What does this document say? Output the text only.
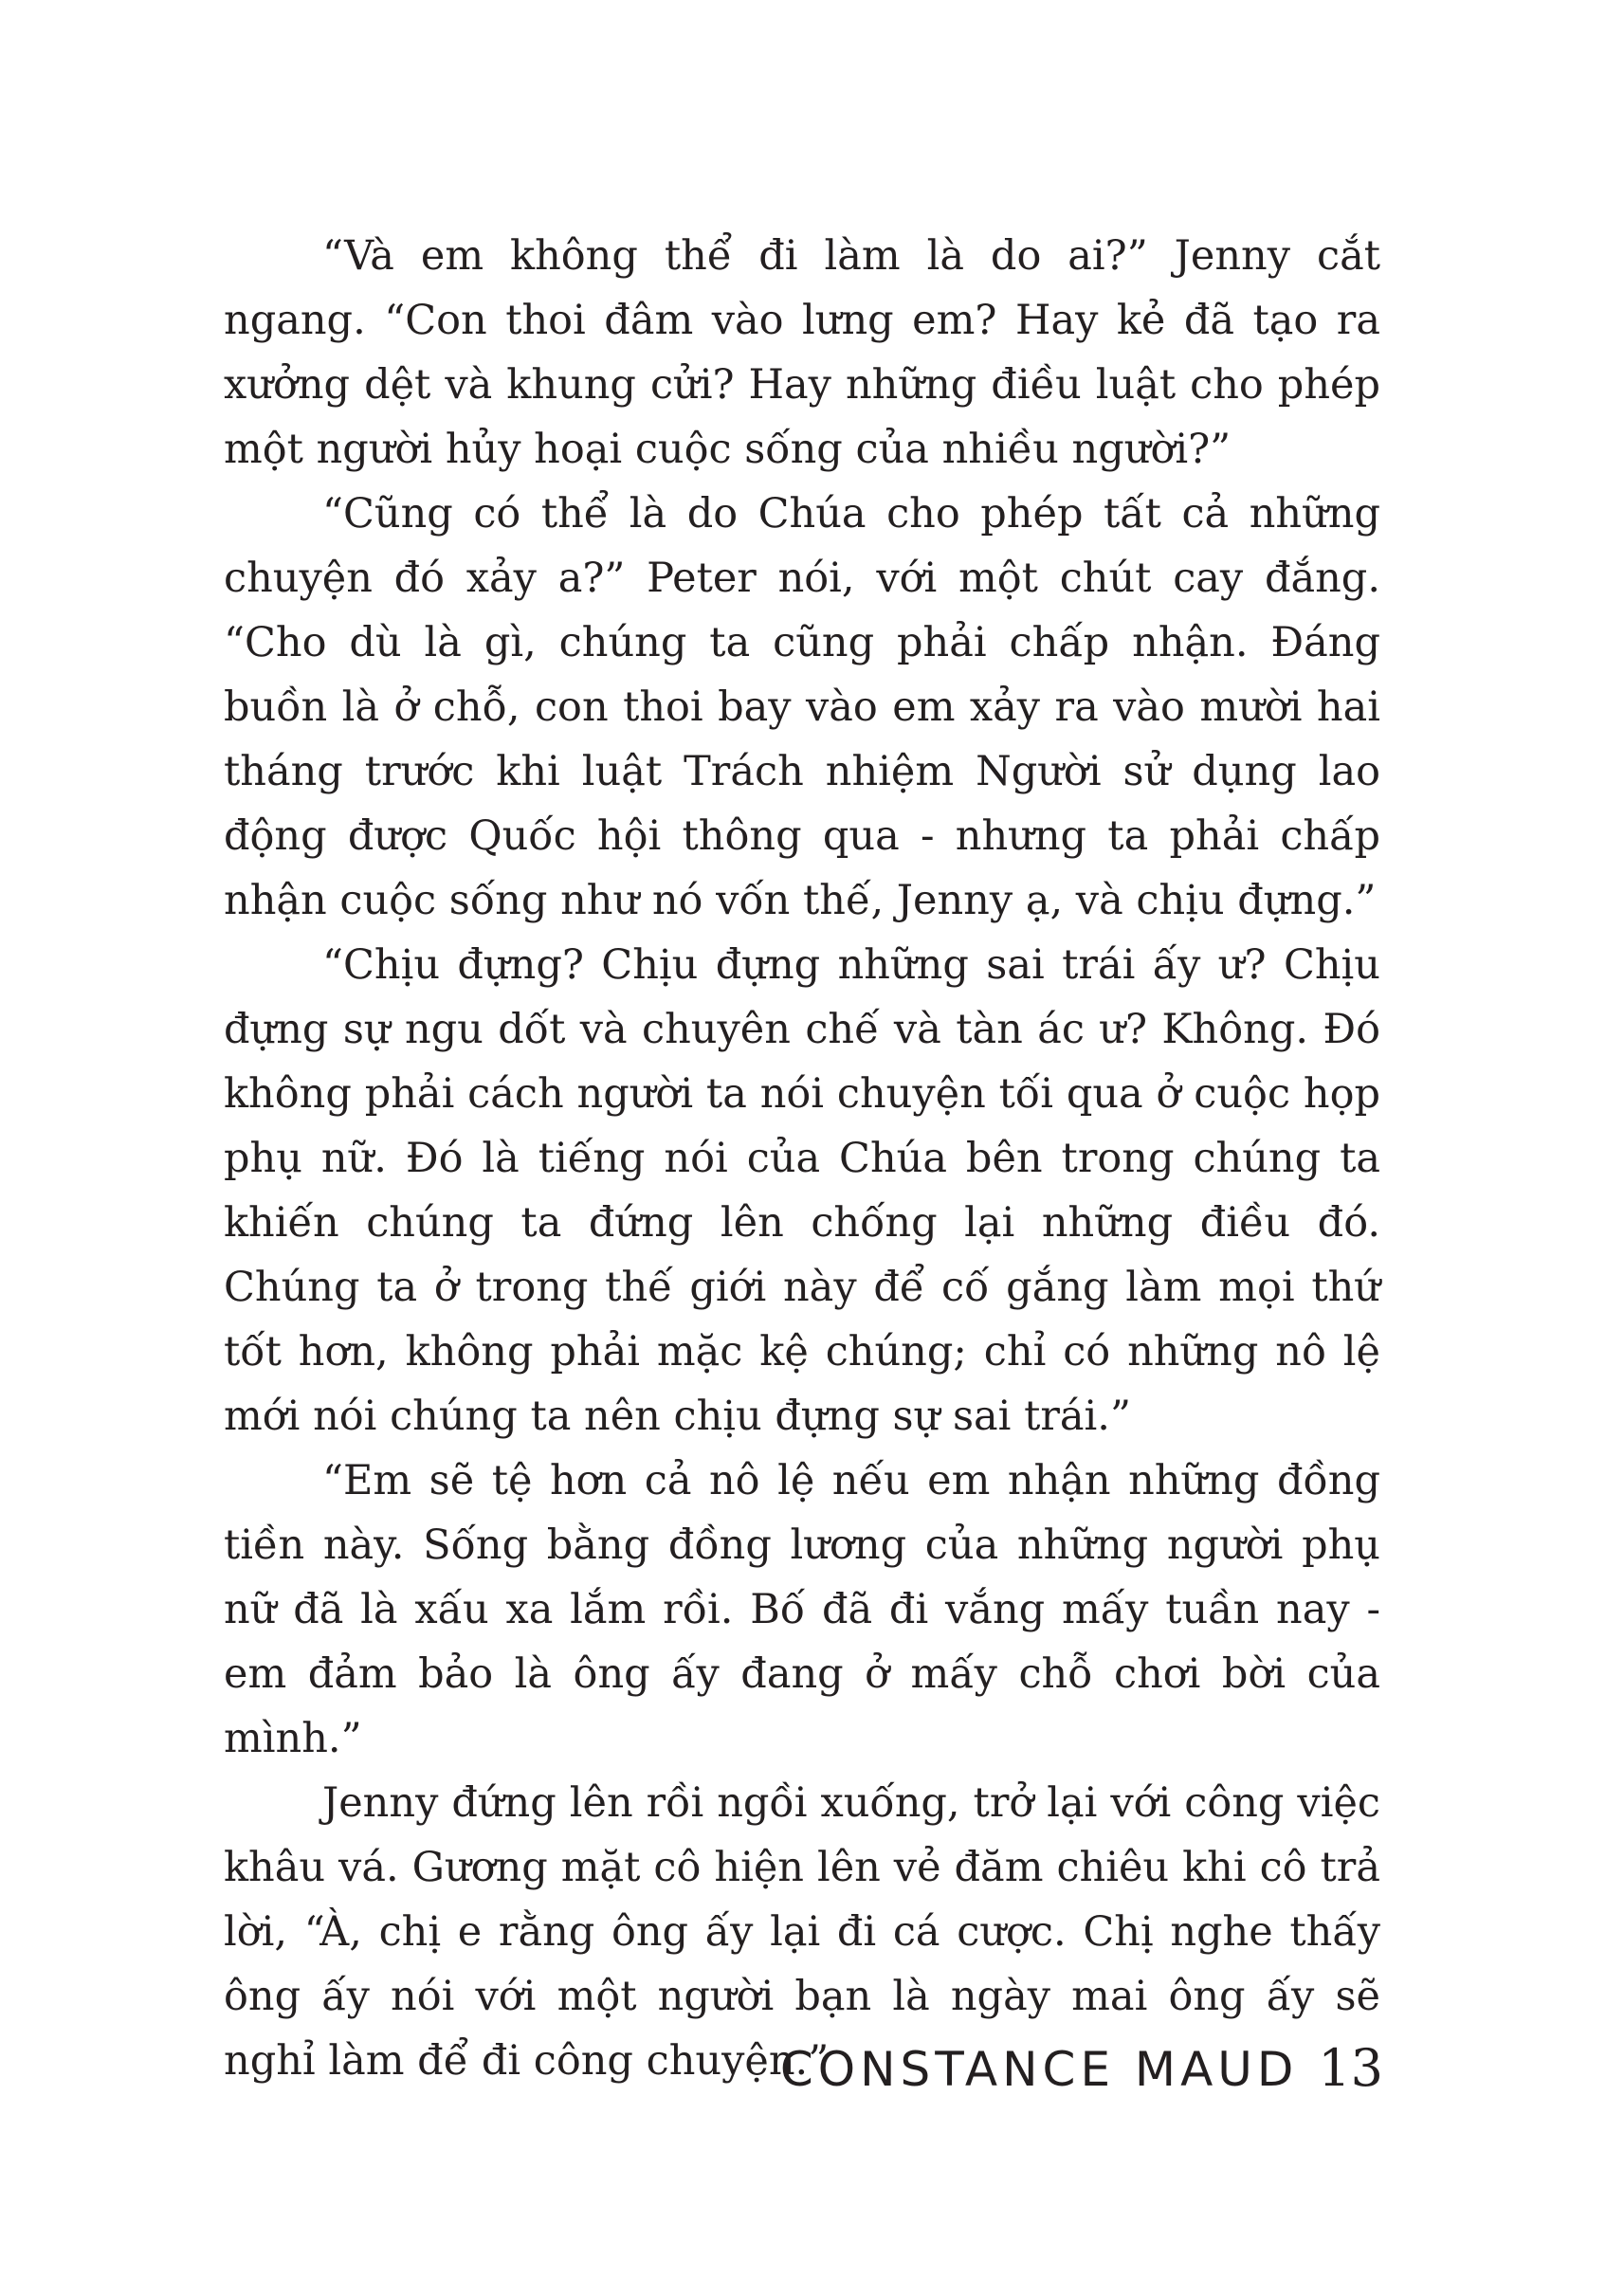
“Và em không thể đi làm là do ai?” Jenny cắt ngang. “Con thoi đâm vào lưng em? Hay kẻ đã tạo ra xưởng dệt và khung cửi? Hay những điều luật cho phép một người hủy hoại cuộc sống của nhiều người?”

“Cũng có thể là do Chúa cho phép tất cả những chuyện đó xảy a?” Peter nói, với một chút cay đắng. “Cho dù là gì, chúng ta cũng phải chấp nhận. Đáng buồn là ở chỗ, con thoi bay vào em xảy ra vào mười hai tháng trước khi luật Trách nhiệm Người sử dụng lao động được Quốc hội thông qua - nhưng ta phải chấp nhận cuộc sống như nó vốn thế, Jenny ạ, và chịu đựng.”

“Chịu đựng? Chịu đựng những sai trái ấy ư? Chịu đựng sự ngu dốt và chuyên chế và tàn ác ư? Không. Đó không phải cách người ta nói chuyện tối qua ở cuộc họp phụ nữ. Đó là tiếng nói của Chúa bên trong chúng ta khiến chúng ta đứng lên chống lại những điều đó. Chúng ta ở trong thế giới này để cố gắng làm mọi thứ tốt hơn, không phải mặc kệ chúng; chỉ có những nô lệ mới nói chúng ta nên chịu đựng sự sai trái.”

“Em sẽ tệ hơn cả nô lệ nếu em nhận những đồng tiền này. Sống bằng đồng lương của những người phụ nữ đã là xấu xa lắm rồi. Bố đã đi vắng mấy tuần nay - em đảm bảo là ông ấy đang ở mấy chỗ chơi bời của mình.”

Jenny đứng lên rồi ngồi xuống, trở lại với công việc khâu vá. Gương mặt cô hiện lên vẻ đăm chiêu khi cô trả lời, “À, chị e rằng ông ấy lại đi cá cược. Chị nghe thấy ông ấy nói với một người bạn là ngày mai ông ấy sẽ nghỉ làm để đi công chuyện.”

CONSTANCE MAUD 13
